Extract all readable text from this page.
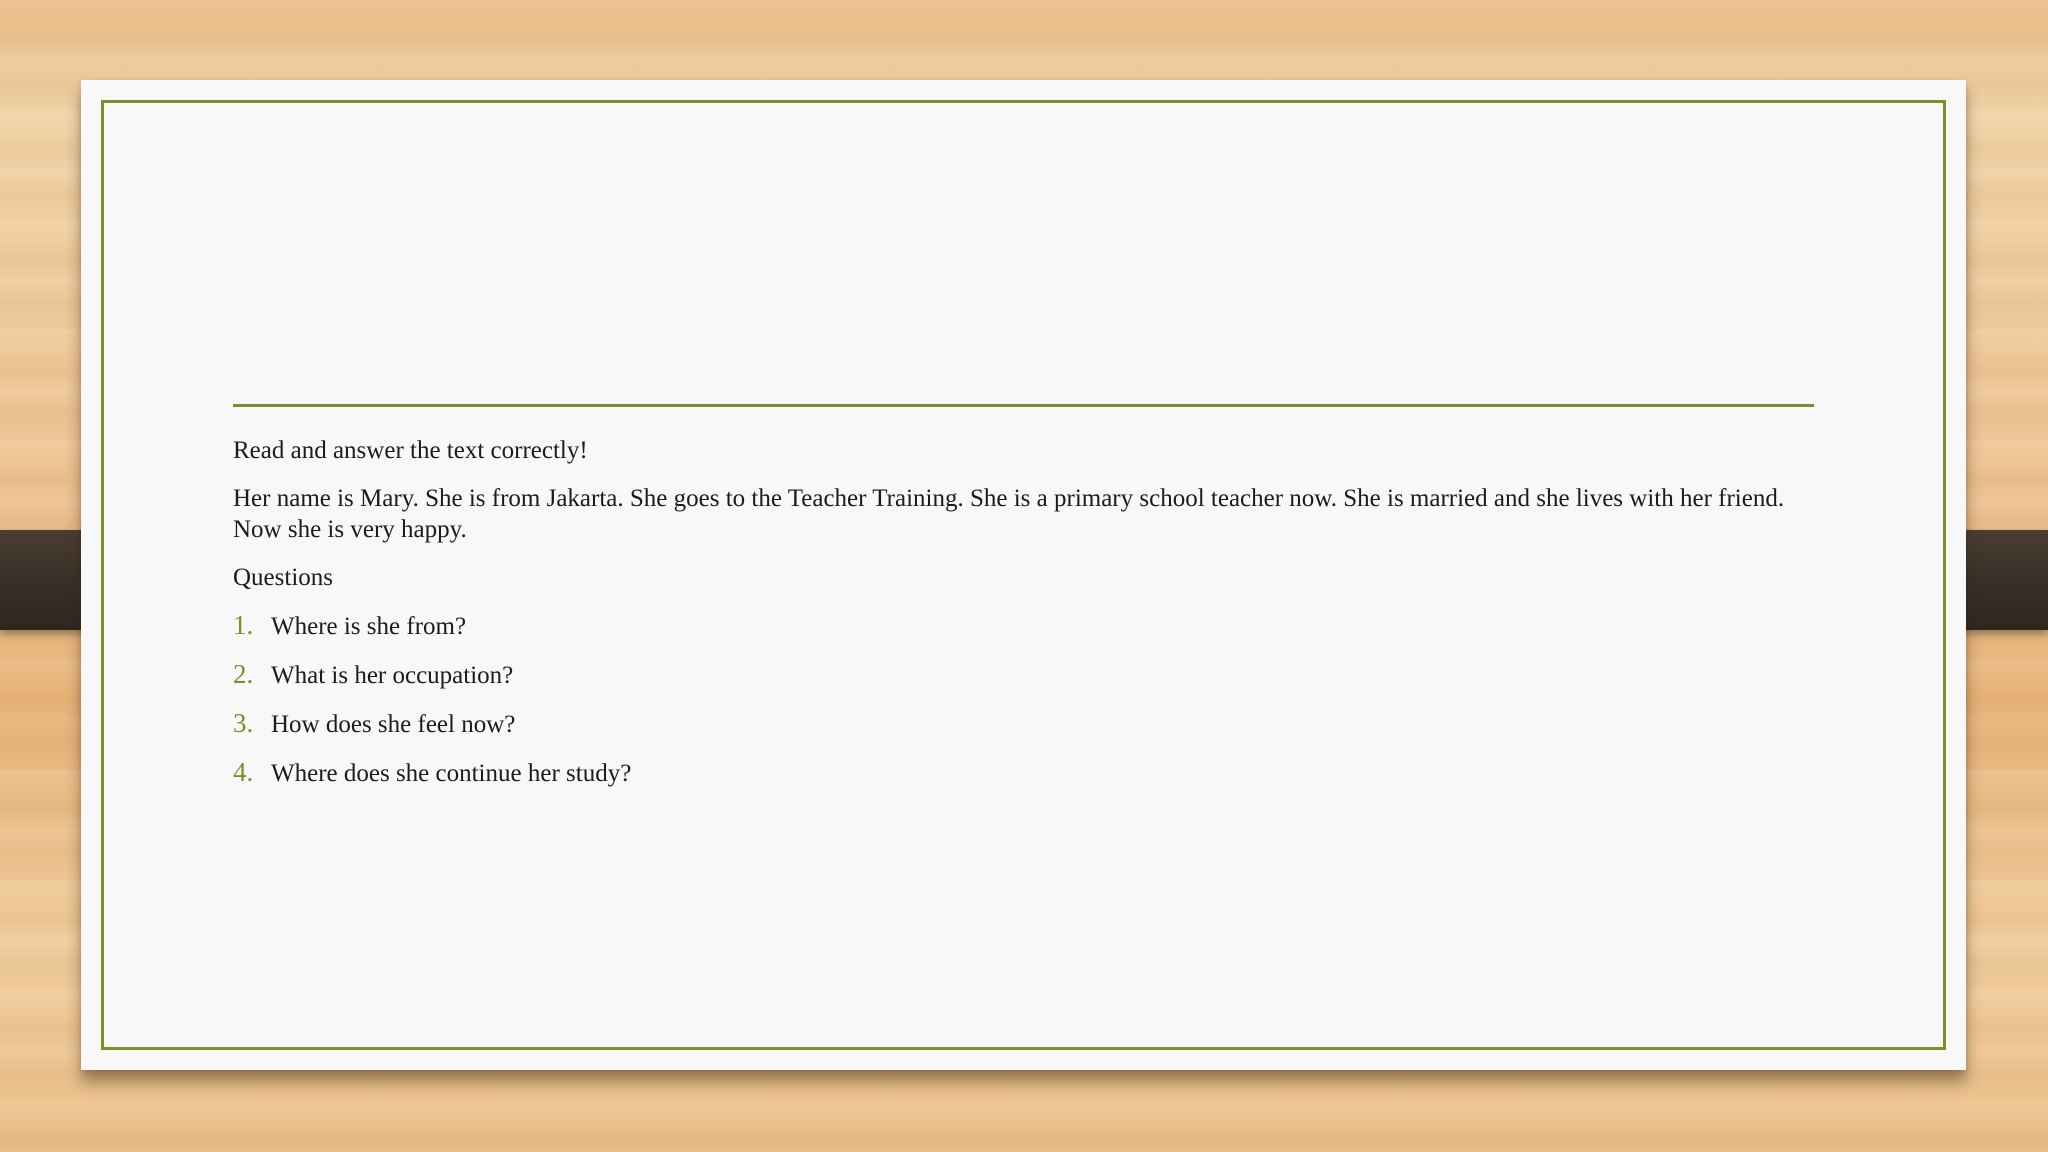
Read and answer the text correctly!

Her name is Mary. She is from Jakarta. She goes to the Teacher Training. She is a primary school teacher now. She is married and she lives with her friend. Now she is very happy.

Questions

1. Where is she from?
2. What is her occupation?
3. How does she feel now?
4. Where does she continue her study?
